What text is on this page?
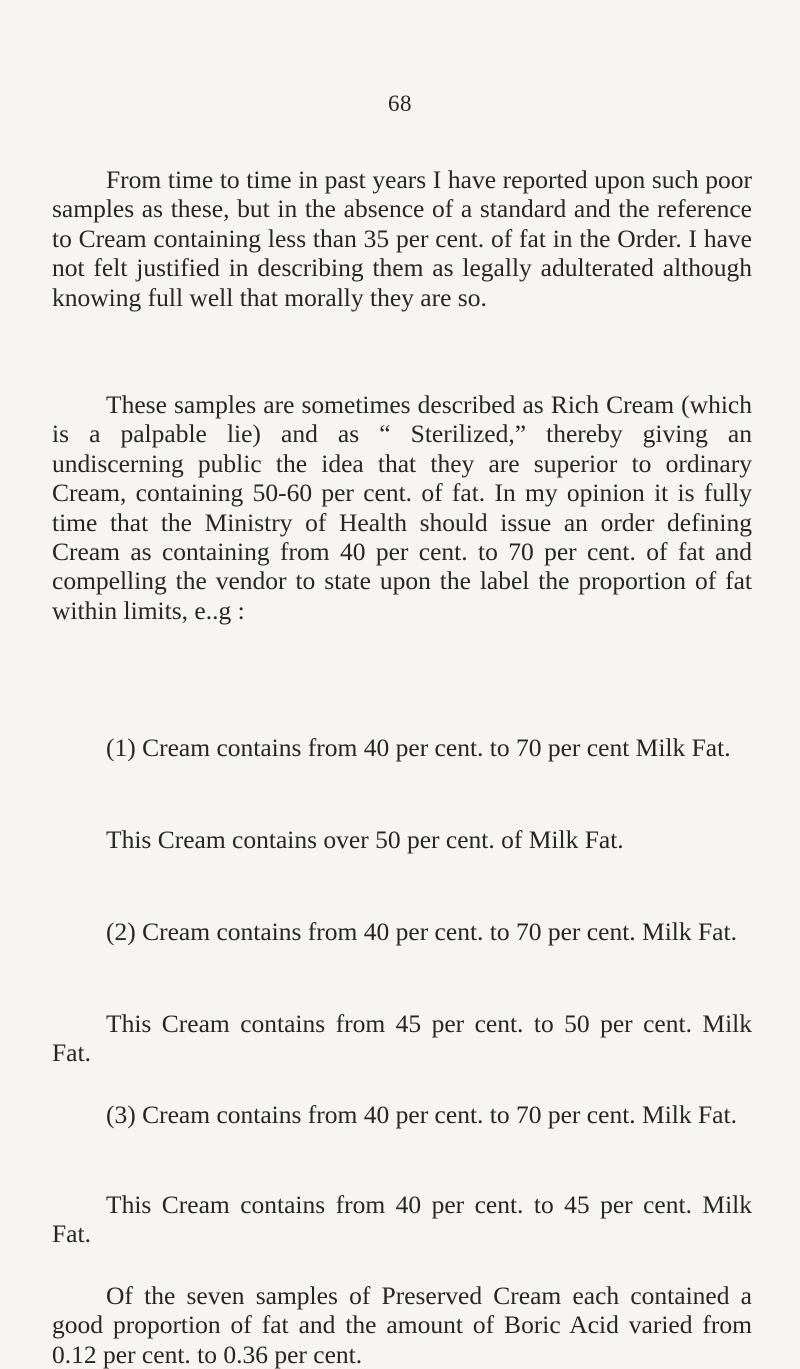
68

From time to time in past years I have reported upon such poor samples as these, but in the absence of a standard and the reference to Cream containing less than 35 per cent. of fat in the Order. I have not felt justified in describing them as legally adulterated although knowing full well that morally they are so.

These samples are sometimes described as Rich Cream (which is a palpable lie) and as “ Sterilized,” thereby giving an undiscerning public the idea that they are superior to ordinary Cream, containing 50-60 per cent. of fat. In my opinion it is fully time that the Ministry of Health should issue an order defining Cream as containing from 40 per cent. to 70 per cent. of fat and compelling the vendor to state upon the label the proportion of fat within limits, e..g :

(1) Cream contains from 40 per cent. to 70 per cent Milk Fat.

This Cream contains over 50 per cent. of Milk Fat.

(2) Cream contains from 40 per cent. to 70 per cent. Milk Fat.

This Cream contains from 45 per cent. to 50 per cent. Milk Fat.

(3) Cream contains from 40 per cent. to 70 per cent. Milk Fat.

This Cream contains from 40 per cent. to 45 per cent. Milk Fat.

Of the seven samples of Preserved Cream each contained a good proportion of fat and the amount of Boric Acid varied from 0.12 per cent. to 0.36 per cent.
